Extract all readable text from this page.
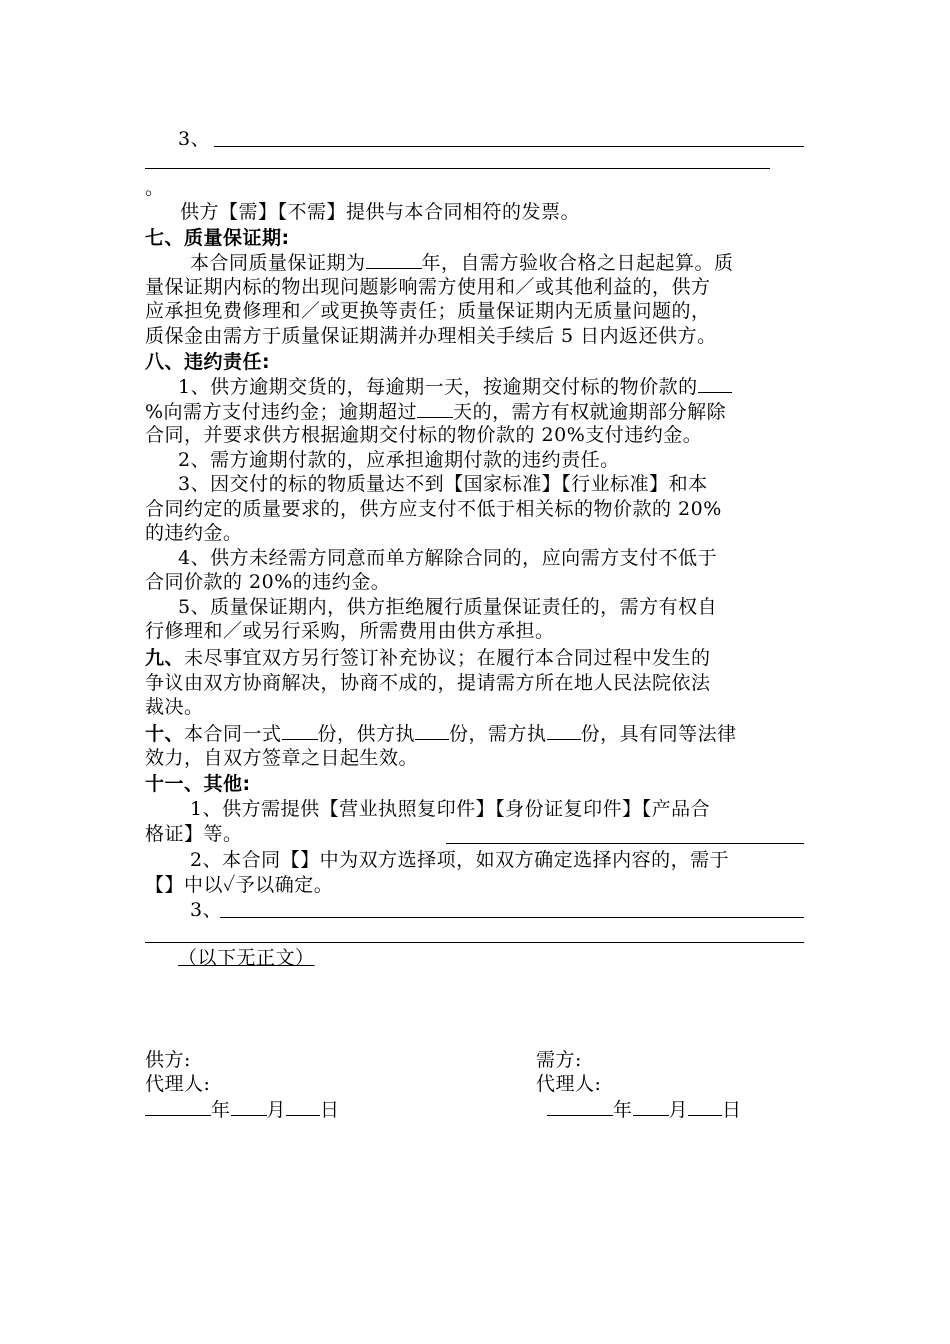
3、
。
供方【需】【不需】提供与本合同相符的发票。
七、质量保证期:
本合同质量保证期为	年，自需方验收合格之日起起算。质
量保证期内标的物出现问题影响需方使用和／或其他利益的，供方
应承担免费修理和／或更换等责任；质量保证期内无质量问题的，
质保金由需方于质量保证期满并办理相关手续后 5 日内返还供方。
八、违约责任:
1、供方逾期交货的，每逾期一天，按逾期交付标的物价款的
%向需方支付违约金；逾期超过 天的，需方有权就逾期部分解除
合同，并要求供方根据逾期交付标的物价款的 20%支付违约金。
2、需方逾期付款的，应承担逾期付款的违约责任。
3、因交付的标的物质量达不到【国家标准】【行业标准】和本
合同约定的质量要求的，供方应支付不低于相关标的物价款的 20%
的违约金。
4、供方未经需方同意而单方解除合同的，应向需方支付不低于
合同价款的 20%的违约金。
5、质量保证期内，供方拒绝履行质量保证责任的，需方有权自
行修理和／或另行采购，所需费用由供方承担。
九、未尽事宜双方另行签订补充协议；在履行本合同过程中发生的
争议由双方协商解决，协商不成的，提请需方所在地人民法院依法
裁决。
十、本合同一式 份，供方执 份，需方执 份，具有同等法律
效力，自双方签章之日起生效。
十一、其他:
1、供方需提供【营业执照复印件】【身份证复印件】【产品合
格证】等。
2、本合同【】中为双方选择项，如双方确定选择内容的，需于
【】中以✓予以确定。
3、
（以下无正文）
供方:	需方:
代理人:	代理人:
年 月 日	年 月 日
